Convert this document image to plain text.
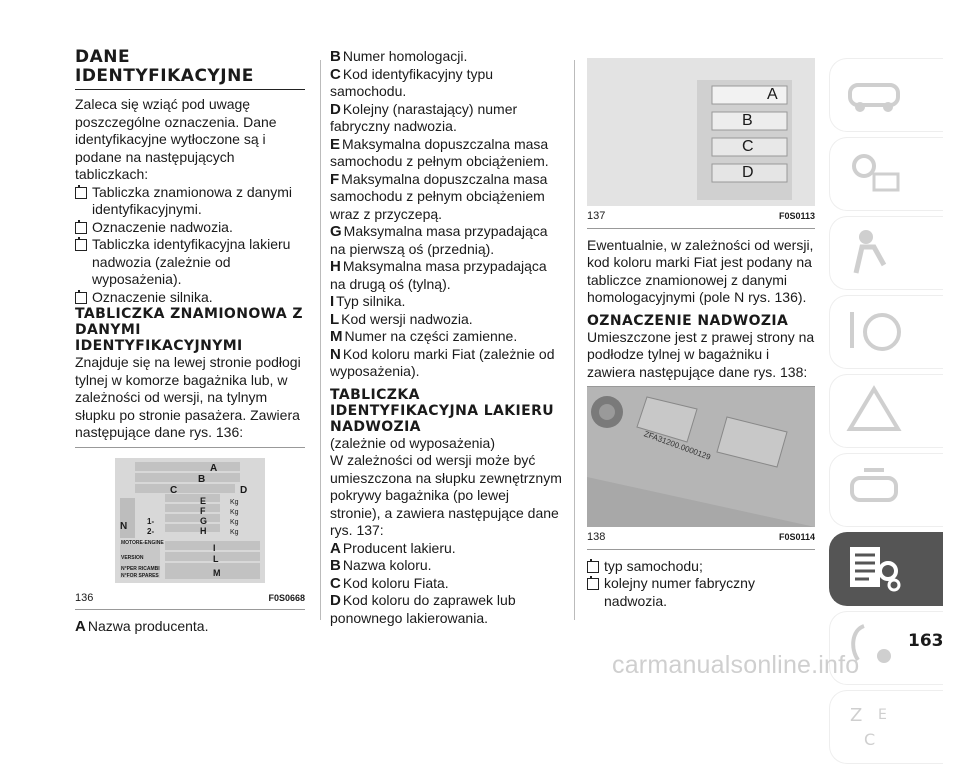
DANE

IDENTYFIKACYJNE

Zaleca się wziąć pod uwagę poszczególne oznaczenia. Dane identyfikacyjne wytłoczone są i podane na następujących tabliczkach:

Tabliczka znamionowa z danymi identyfikacyjnymi.
Oznaczenie nadwozia.
Tabliczka identyfikacyjna lakieru nadwozia (zależnie od wyposażenia).
Oznaczenie silnika.

TABLICZKA ZNAMIONOWA Z DANYMI IDENTYFIKACYJNYMI

Znajduje się na lewej stronie podłogi tylnej w komorze bagażnika lub, w zależności od wersji, na tylnym słupku po stronie pasażera. Zawiera następujące dane rys. 136:

A
B
C	D
E
F
G
H
I
L
M
N
Kg
Kg
Kg
Kg
1-
2-
MOTORE-ENGINE
VERSION
N°PER RICAMBI
N°FOR SPARES
136	F0S0668

A Nazwa producenta.

B Numer homologacji.

C Kod identyfikacyjny typu samochodu.

D Kolejny (narastający) numer fabryczny nadwozia.

E Maksymalna dopuszczalna masa samochodu z pełnym obciążeniem.

F Maksymalna dopuszczalna masa samochodu z pełnym obciążeniem wraz z przyczepą.

G Maksymalna masa przypadająca na pierwszą oś (przednią).

H Maksymalna masa przypadająca na drugą oś (tylną).

I Typ silnika.

L Kod wersji nadwozia.

M Numer na części zamienne.

N Kod koloru marki Fiat (zależnie od wyposażenia).

TABLICZKA IDENTYFIKACYJNA LAKIERU NADWOZIA

(zależnie od wyposażenia)

W zależności od wersji może być umieszczona na słupku zewnętrznym pokrywy bagażnika (po lewej stronie), a zawiera następujące dane rys. 137:

A Producent lakieru.

B Nazwa koloru.

C Kod koloru Fiata.

D Kod koloru do zaprawek lub ponownego lakierowania.

A
B
C
D
137	F0S0113

Ewentualnie, w zależności od wersji, kod koloru marki Fiat jest podany na tabliczce znamionowej z danymi homologacyjnymi (pole N rys. 136).

OZNACZENIE NADWOZIA

Umieszczone jest z prawej strony na podłodze tylnej w bagażniku i zawiera następujące dane rys. 138:

ZFA31200.0000129
138	F0S0114
typ samochodu;
kolejny numer fabryczny nadwozia.
Z E
C
163
carmanualsonline.info
